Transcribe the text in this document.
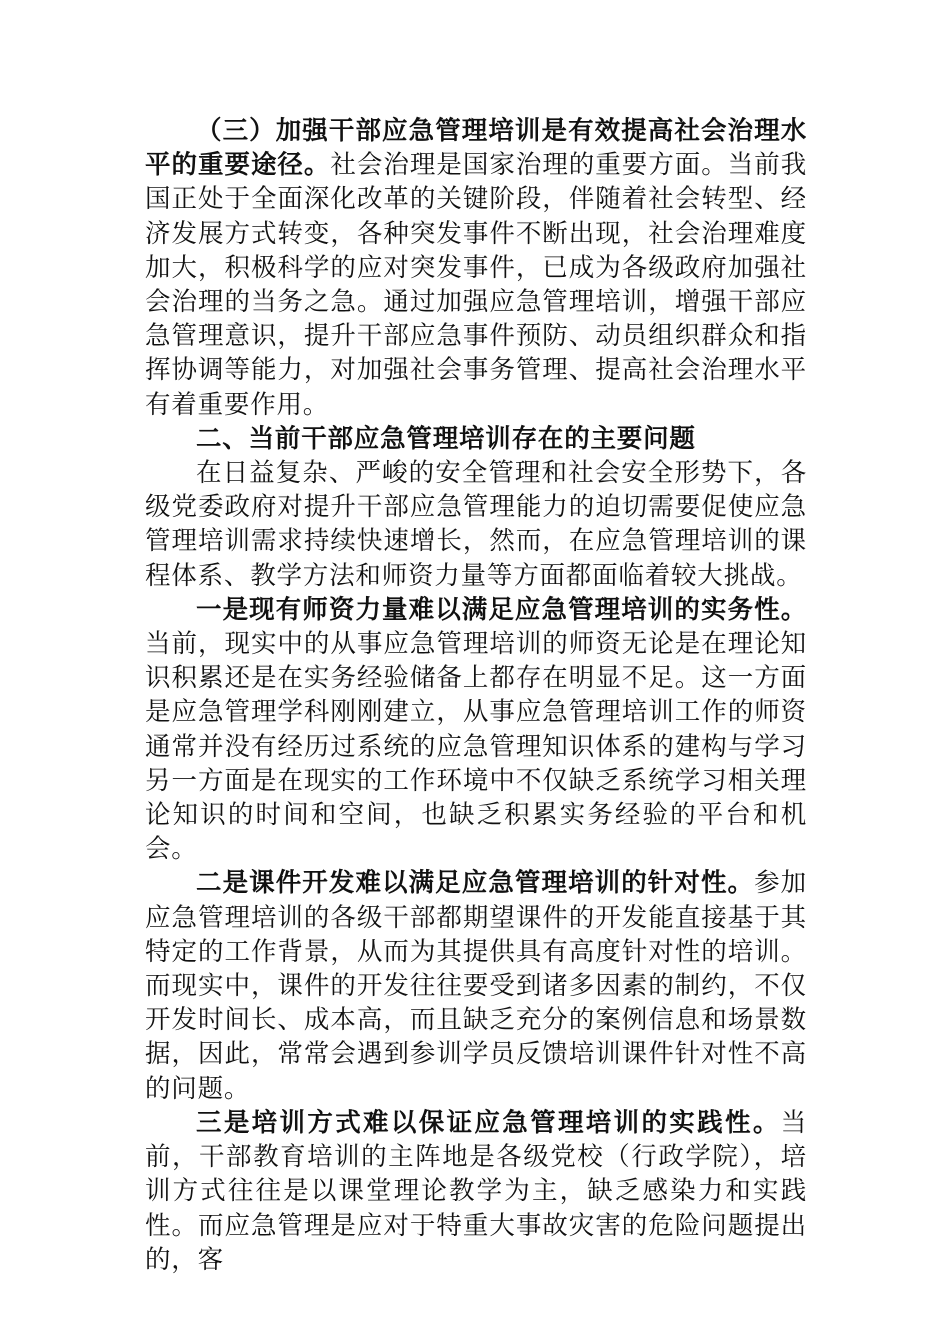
（三）加强干部应急管理培训是有效提高社会治理水平的重要途径。社会治理是国家治理的重要方面。当前我国正处于全面深化改革的关键阶段，伴随着社会转型、经济发展方式转变，各种突发事件不断出现，社会治理难度加大，积极科学的应对突发事件，已成为各级政府加强社会治理的当务之急。通过加强应急管理培训，增强干部应急管理意识，提升干部应急事件预防、动员组织群众和指挥协调等能力，对加强社会事务管理、提高社会治理水平有着重要作用。

二、当前干部应急管理培训存在的主要问题

在日益复杂、严峻的安全管理和社会安全形势下，各级党委政府对提升干部应急管理能力的迫切需要促使应急管理培训需求持续快速增长，然而，在应急管理培训的课程体系、教学方法和师资力量等方面都面临着较大挑战。

一是现有师资力量难以满足应急管理培训的实务性。当前，现实中的从事应急管理培训的师资无论是在理论知识积累还是在实务经验储备上都存在明显不足。这一方面是应急管理学科刚刚建立，从事应急管理培训工作的师资通常并没有经历过系统的应急管理知识体系的建构与学习另一方面是在现实的工作环境中不仅缺乏系统学习相关理论知识的时间和空间，也缺乏积累实务经验的平台和机会。

二是课件开发难以满足应急管理培训的针对性。参加应急管理培训的各级干部都期望课件的开发能直接基于其特定的工作背景，从而为其提供具有高度针对性的培训。而现实中，课件的开发往往要受到诸多因素的制约，不仅开发时间长、成本高，而且缺乏充分的案例信息和场景数据，因此，常常会遇到参训学员反馈培训课件针对性不高的问题。

三是培训方式难以保证应急管理培训的实践性。当前，干部教育培训的主阵地是各级党校（行政学院），培训方式往往是以课堂理论教学为主，缺乏感染力和实践性。而应急管理是应对于特重大事故灾害的危险问题提出的，客
